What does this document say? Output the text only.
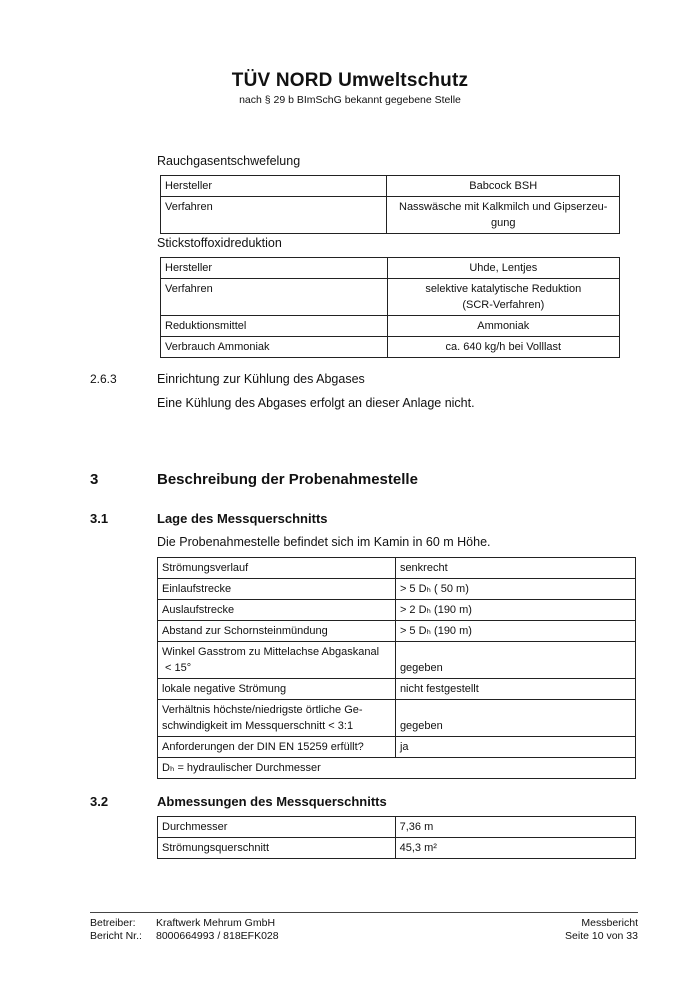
TÜV NORD Umweltschutz
nach § 29 b BImSchG bekannt gegebene Stelle
Rauchgasentschwefelung
Hersteller	Babcock BSH
Verfahren	Nasswäsche mit Kalkmilch und Gipserzeu-
gung
Stickstoffoxidreduktion
Hersteller	Uhde, Lentjes
Verfahren	selektive katalytische Reduktion
(SCR-Verfahren)
Reduktionsmittel	Ammoniak
Verbrauch Ammoniak	ca. 640 kg/h bei Volllast
2.6.3	Einrichtung zur Kühlung des Abgases
Eine Kühlung des Abgases erfolgt an dieser Anlage nicht.
3	Beschreibung der Probenahmestelle
3.1	Lage des Messquerschnitts
Die Probenahmestelle befindet sich im Kamin in 60 m Höhe.
Strömungsverlauf	senkrecht
Einlaufstrecke	> 5 Dₕ ( 50 m)
Auslaufstrecke	> 2 Dₕ (190 m)
Abstand zur Schornsteinmündung	> 5 Dₕ (190 m)
Winkel Gasstrom zu Mittelachse Abgaskanal
< 15°	gegeben
lokale negative Strömung	nicht festgestellt
Verhältnis höchste/niedrigste örtliche Ge-
schwindigkeit im Messquerschnitt < 3:1	gegeben
Anforderungen der DIN EN 15259 erfüllt?	ja
Dₕ = hydraulischer Durchmesser	
3.2	Abmessungen des Messquerschnitts
Durchmesser	7,36 m
Strömungsquerschnitt	45,3 m²
Betreiber: Kraftwerk Mehrum GmbH
Bericht Nr.: 8000664993 / 818EFK028
Messbericht
Seite 10 von 33
